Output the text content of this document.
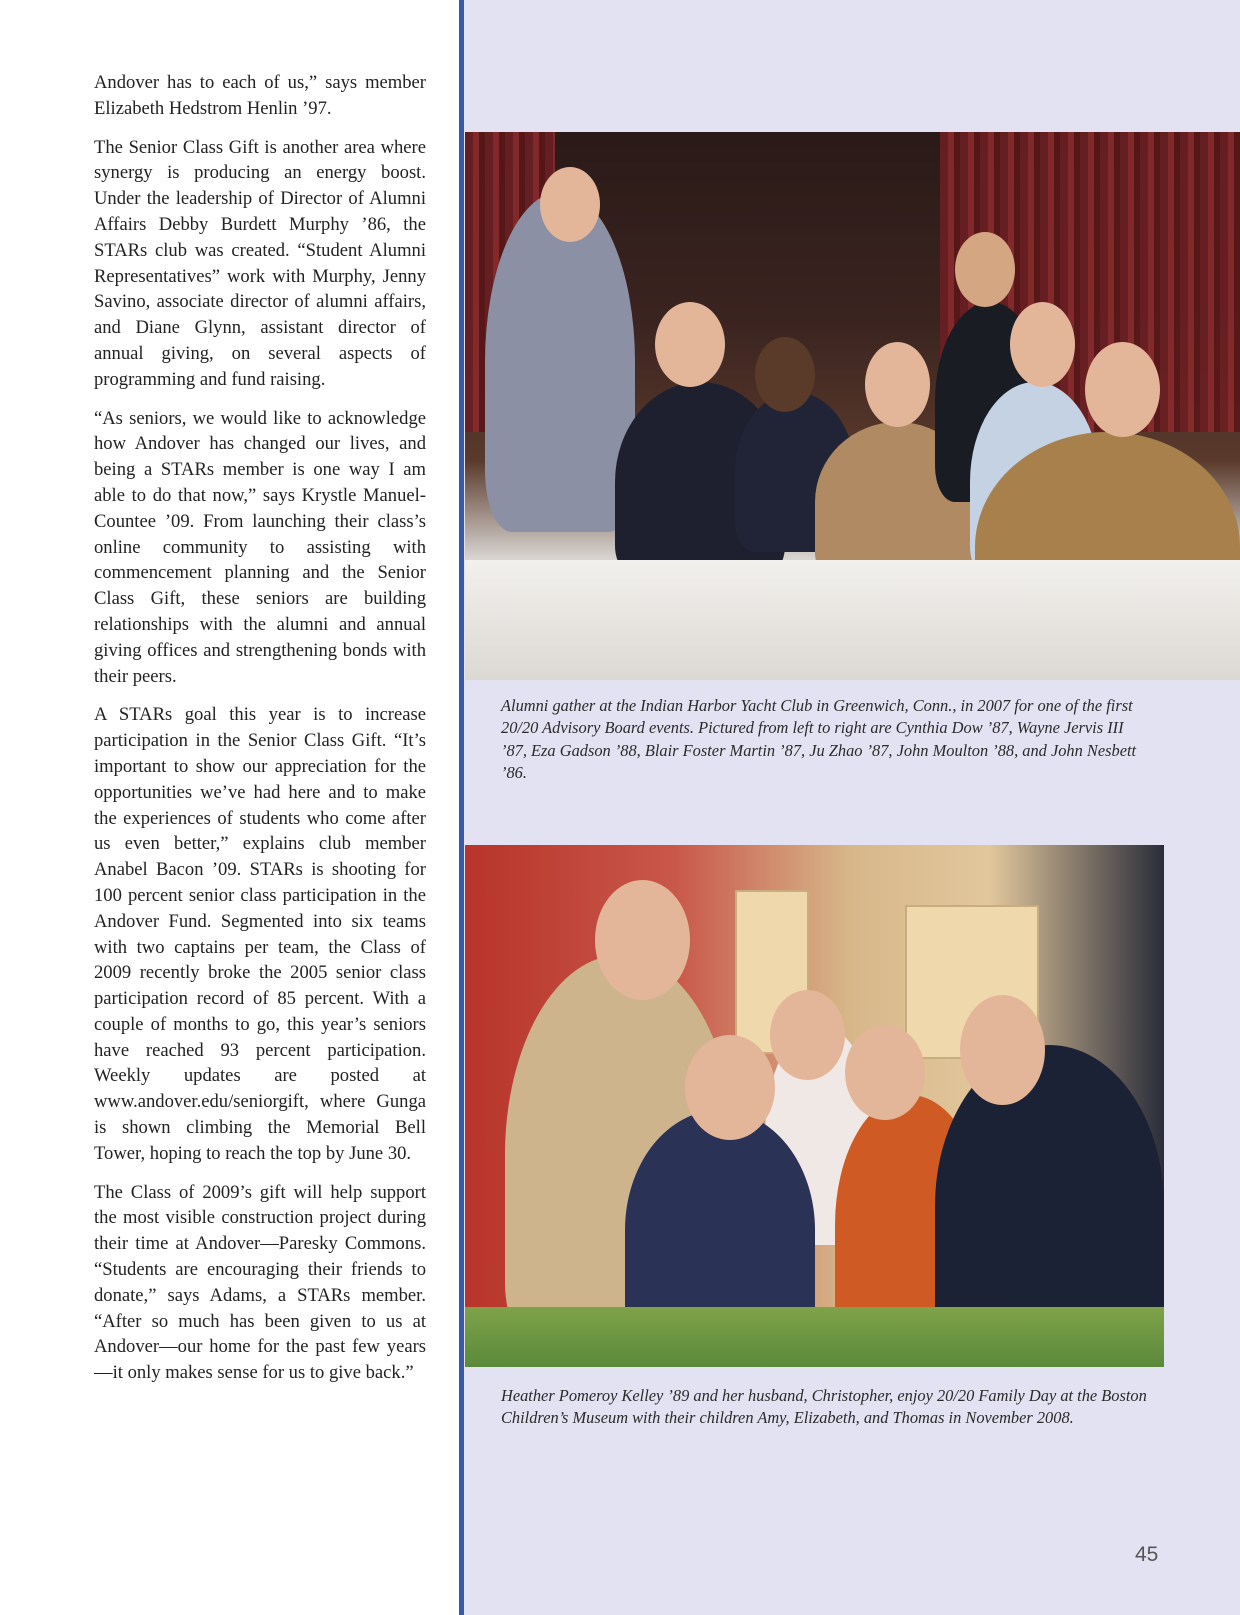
Andover has to each of us,” says member Elizabeth Hedstrom Henlin ’97.

The Senior Class Gift is another area where synergy is producing an energy boost. Under the leadership of Director of Alumni Affairs Debby Burdett Murphy ’86, the STARs club was created. “Student Alumni Representatives” work with Murphy, Jenny Savino, associate director of alumni affairs, and Diane Glynn, assistant director of annual giving, on several aspects of programming and fund raising.

“As seniors, we would like to acknowledge how Andover has changed our lives, and being a STARs member is one way I am able to do that now,” says Krystle Manuel-Countee ’09. From launching their class’s online community to assisting with commencement planning and the Senior Class Gift, these seniors are building relationships with the alumni and annual giving offices and strengthening bonds with their peers.

A STARs goal this year is to increase participation in the Senior Class Gift. “It’s important to show our appreciation for the opportunities we’ve had here and to make the experiences of students who come after us even better,” explains club member Anabel Bacon ’09. STARs is shooting for 100 percent senior class participation in the Andover Fund. Segmented into six teams with two captains per team, the Class of 2009 recently broke the 2005 senior class participation record of 85 percent. With a couple of months to go, this year’s seniors have reached 93 percent participation. Weekly updates are posted at www.andover.edu/seniorgift, where Gunga is shown climbing the Memorial Bell Tower, hoping to reach the top by June 30.

The Class of 2009’s gift will help support the most visible construction project during their time at Andover—Paresky Commons. “Students are encouraging their friends to donate,” says Adams, a STARs member. “After so much has been given to us at Andover—our home for the past few years—it only makes sense for us to give back.”

Alumni gather at the Indian Harbor Yacht Club in Greenwich, Conn., in 2007 for one of the first 20/20 Advisory Board events. Pictured from left to right are Cynthia Dow ’87, Wayne Jervis III ’87, Eza Gadson ’88, Blair Foster Martin ’87, Ju Zhao ’87, John Moulton ’88, and John Nesbett ’86.
Heather Pomeroy Kelley ’89 and her husband, Christopher, enjoy 20/20 Family Day at the Boston Children’s Museum with their children Amy, Elizabeth, and Thomas in November 2008.
45
